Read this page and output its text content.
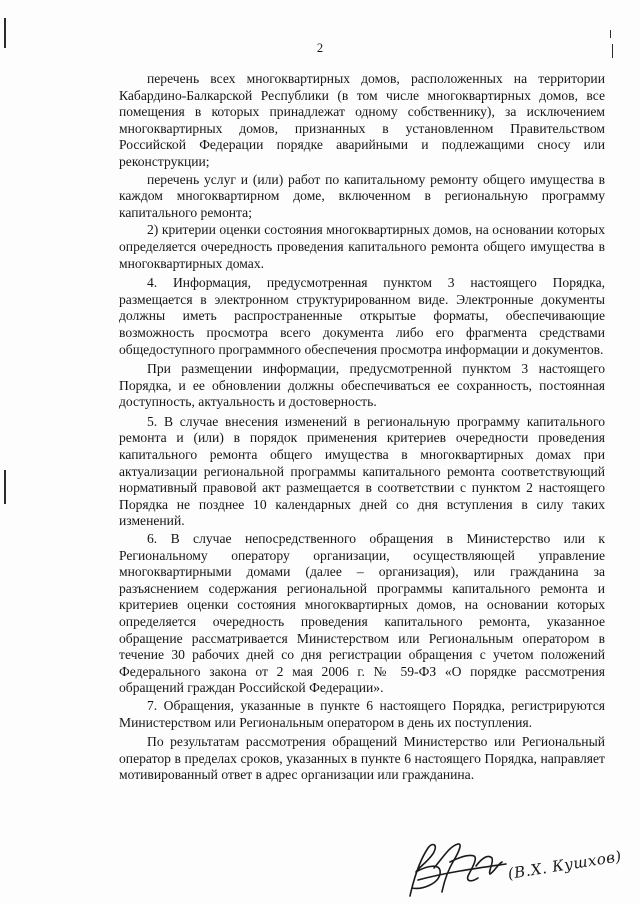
2

перечень всех многоквартирных домов, расположенных на территории Кабардино-Балкарской Республики (в том числе многоквартирных домов, все помещения в которых принадлежат одному собственнику), за исключением многоквартирных домов, признанных в установленном Правительством Российской Федерации порядке аварийными и подлежащими сносу или реконструкции;

перечень услуг и (или) работ по капитальному ремонту общего имущества в каждом многоквартирном доме, включенном в региональную программу капитального ремонта;

2) критерии оценки состояния многоквартирных домов, на основании которых определяется очередность проведения капитального ремонта общего имущества в многоквартирных домах.

4. Информация, предусмотренная пунктом 3 настоящего Порядка, размещается в электронном структурированном виде. Электронные документы должны иметь распространенные открытые форматы, обеспечивающие возможность просмотра всего документа либо его фрагмента средствами общедоступного программного обеспечения просмотра информации и документов.

При размещении информации, предусмотренной пунктом 3 настоящего Порядка, и ее обновлении должны обеспечиваться ее сохранность, постоянная доступность, актуальность и достоверность.

5. В случае внесения изменений в региональную программу капитального ремонта и (или) в порядок применения критериев очередности проведения капитального ремонта общего имущества в многоквартирных домах при актуализации региональной программы капитального ремонта соответствующий нормативный правовой акт размещается в соответствии с пунктом 2 настоящего Порядка не позднее 10 календарных дней со дня вступления в силу таких изменений.

6. В случае непосредственного обращения в Министерство или к Региональному оператору организации, осуществляющей управление многоквартирными домами (далее – организация), или гражданина за разъяснением содержания региональной программы капитального ремонта и критериев оценки состояния многоквартирных домов, на основании которых определяется очередность проведения капитального ремонта, указанное обращение рассматривается Министерством или Региональным оператором в течение 30 рабочих дней со дня регистрации обращения с учетом положений Федерального закона от 2 мая 2006 г. № 59-ФЗ «О порядке рассмотрения обращений граждан Российской Федерации».

7. Обращения, указанные в пункте 6 настоящего Порядка, регистрируются Министерством или Региональным оператором в день их поступления.

По результатам рассмотрения обращений Министерство или Региональный оператор в пределах сроков, указанных в пункте 6 настоящего Порядка, направляет мотивированный ответ в адрес организации или гражданина.

(В.Х. Кушхов)
